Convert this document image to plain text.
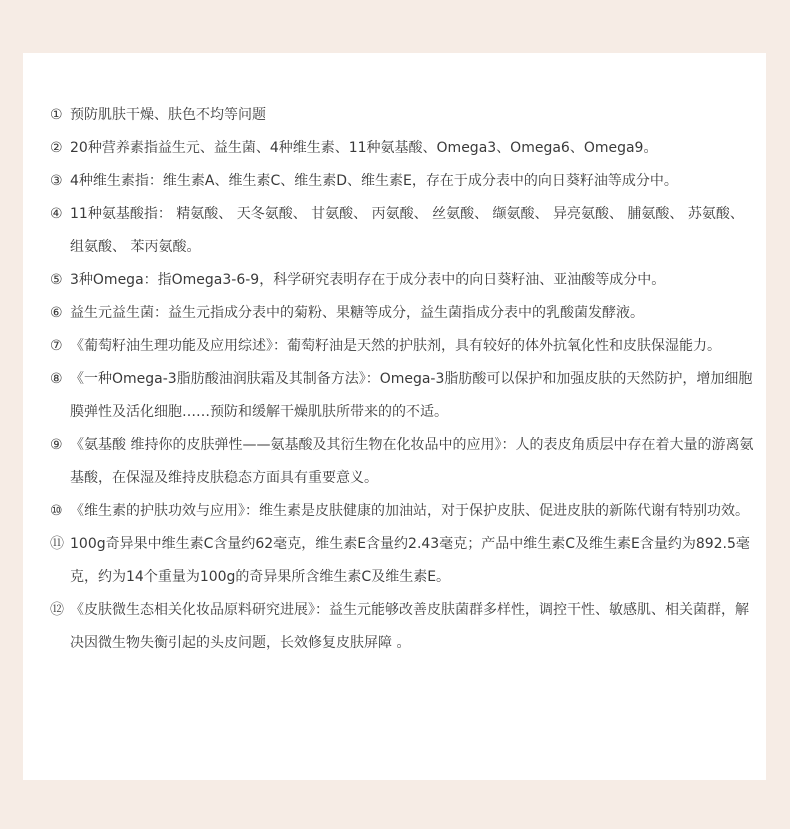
① 预防肌肤干燥、肤色不均等问题
② 20种营养素指益生元、益生菌、4种维生素、11种氨基酸、Omega3、Omega6、Omega9。
③ 4种维生素指：维生素A、维生素C、维生素D、维生素E，存在于成分表中的向日葵籽油等成分中。
④ 11种氨基酸指： 精氨酸、 天冬氨酸、 甘氨酸、 丙氨酸、 丝氨酸、 缬氨酸、 异亮氨酸、 脯氨酸、 苏氨酸、 组氨酸、 苯丙氨酸。
⑤ 3种Omega：指Omega3-6-9，科学研究表明存在于成分表中的向日葵籽油、亚油酸等成分中。
⑥ 益生元益生菌：益生元指成分表中的菊粉、果糖等成分，益生菌指成分表中的乳酸菌发酵液。
⑦ 《葡萄籽油生理功能及应用综述》：葡萄籽油是天然的护肤剂，具有较好的体外抗氧化性和皮肤保湿能力。
⑧ 《一种Omega-3脂肪酸油润肤霜及其制备方法》：Omega-3脂肪酸可以保护和加强皮肤的天然防护，增加细胞膜弹性及活化细胞……预防和缓解干燥肌肤所带来的的不适。
⑨ 《氨基酸 维持你的皮肤弹性——氨基酸及其衍生物在化妆品中的应用》：人的表皮角质层中存在着大量的游离氨基酸，在保湿及维持皮肤稳态方面具有重要意义。
⑩ 《维生素的护肤功效与应用》：维生素是皮肤健康的加油站，对于保护皮肤、促进皮肤的新陈代谢有特别功效。
⑪ 100g奇异果中维生素C含量约62毫克，维生素E含量约2.43毫克；产品中维生素C及维生素E含量约为892.5毫克，约为14个重量为100g的奇异果所含维生素C及维生素E。
⑫ 《皮肤微生态相关化妆品原料研究进展》：益生元能够改善皮肤菌群多样性，调控干性、敏感肌、相关菌群，解决因微生物失衡引起的头皮问题，长效修复皮肤屏障 。
